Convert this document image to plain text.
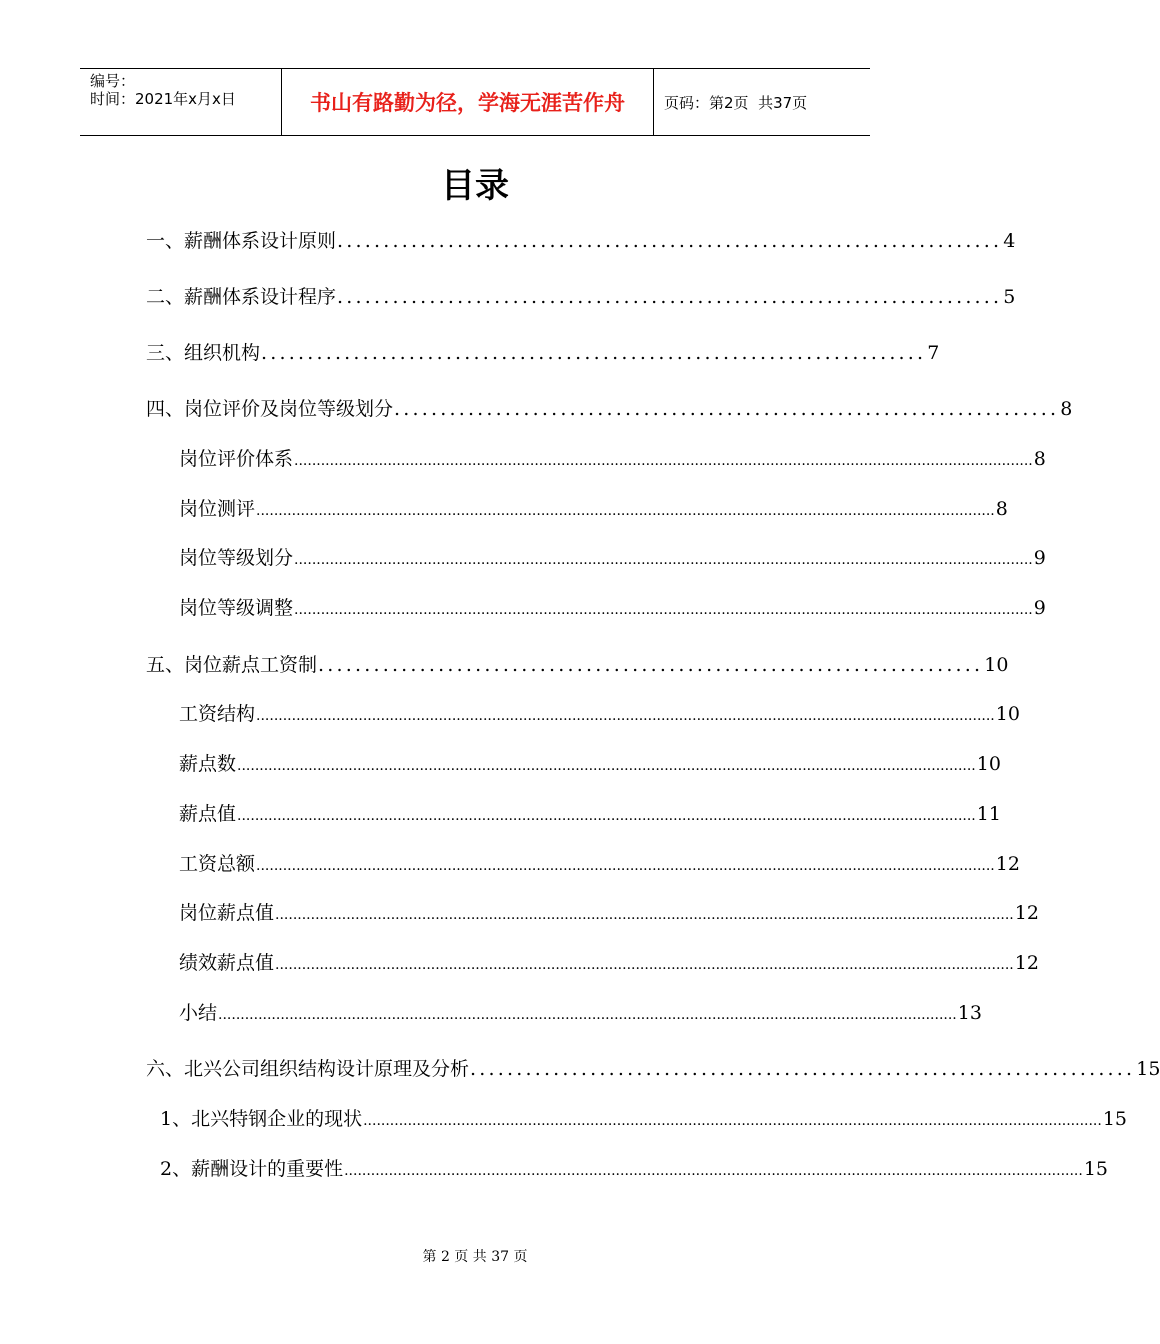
编号：
时间：2021年x月x日	书山有路勤为径，学海无涯苦作舟	页码：第2页  共37页
目录
一、 薪酬体系设计原则 ........................................................................ 4
二、 薪酬体系设计程序 ........................................................................ 5
三、 组织机构 ........................................................................ 7
四、 岗位评价及岗位等级划分 ........................................................................ 8
岗位评价体系 ...................................................................................................................................................................... 8
岗位测评 ...................................................................................................................................................................... 8
岗位等级划分 ...................................................................................................................................................................... 9
岗位等级调整 ...................................................................................................................................................................... 9
五、 岗位薪点工资制 ........................................................................ 10
工资结构 ...................................................................................................................................................................... 10
薪点数 ...................................................................................................................................................................... 10
薪点值 ...................................................................................................................................................................... 11
工资总额 ...................................................................................................................................................................... 12
岗位薪点值 ...................................................................................................................................................................... 12
绩效薪点值 ...................................................................................................................................................................... 12
小结 ...................................................................................................................................................................... 13
六、 北兴公司组织结构设计原理及分析 ........................................................................ 15
1、北兴特钢企业的现状 ...................................................................................................................................................................... 15
2、薪酬设计的重要性 ...................................................................................................................................................................... 15
第 2 页 共 37 页
